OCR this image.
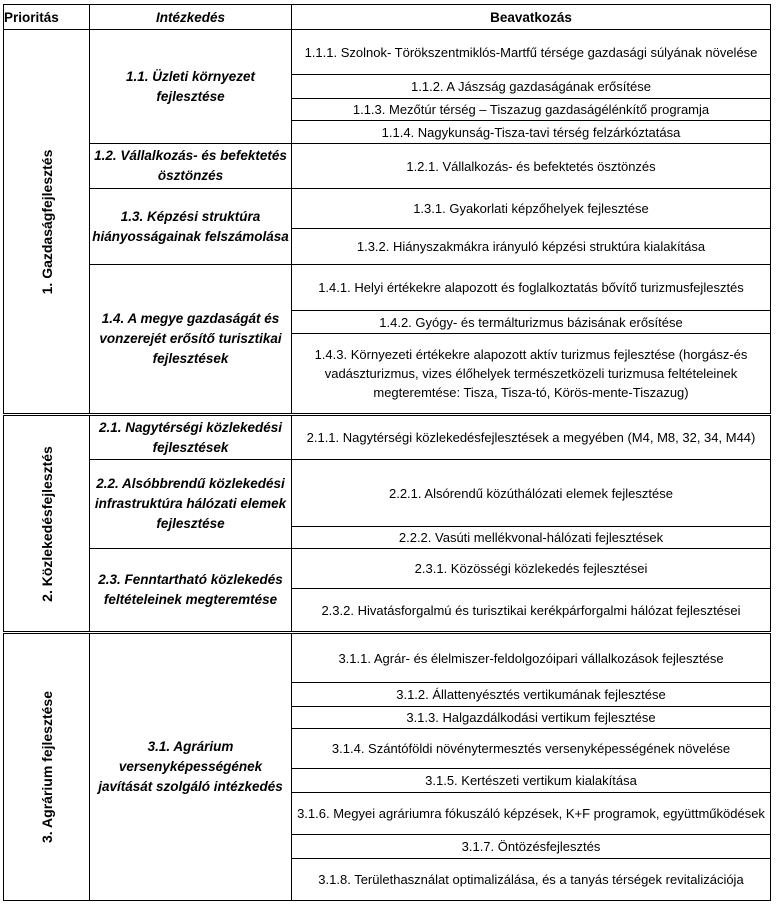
Prioritás	Intézkedés	Beavatkozás

1. Gazdaságfejlesztés	1.1. Üzleti környezet fejlesztése	1.1.1. Szolnok- Törökszentmiklós-Martfű térsége gazdasági súlyának növelése
		1.1.2. A Jászság gazdaságának erősítése
		1.1.3. Mezőtúr térség – Tiszazug gazdaságélénkítő programja
		1.1.4. Nagykunság-Tisza-tavi térség felzárkóztatása
	1.2. Vállalkozás- és befektetés ösztönzés	1.2.1. Vállalkozás- és befektetés ösztönzés
	1.3. Képzési struktúra hiányosságainak felszámolása	1.3.1. Gyakorlati képzőhelyek fejlesztése
		1.3.2. Hiányszakmákra irányuló képzési struktúra kialakítása
	1.4. A megye gazdaságát és vonzerejét erősítő turisztikai fejlesztések	1.4.1. Helyi értékekre alapozott és foglalkoztatás bővítő turizmusfejlesztés
		1.4.2. Gyógy- és termálturizmus bázisának erősítése
		1.4.3. Környezeti értékekre alapozott aktív turizmus fejlesztése (horgász-és vadászturizmus, vizes élőhelyek természetközeli turizmusa feltételeinek megteremtése: Tisza, Tisza-tó, Körös-mente-Tiszazug)

2. Közlekedésfejlesztés	2.1. Nagytérségi közlekedési fejlesztések	2.1.1. Nagytérségi közlekedésfejlesztések a megyében (M4, M8, 32, 34, M44)
	2.2. Alsóbbrendű közlekedési infrastruktúra hálózati elemek fejlesztése	2.2.1. Alsórendű közúthálózati elemek fejlesztése
		2.2.2. Vasúti mellékvonal-hálózati fejlesztések
	2.3. Fenntartható közlekedés feltételeinek megteremtése	2.3.1. Közösségi közlekedés fejlesztései
		2.3.2. Hivatásforgalmú és turisztikai kerékpárforgalmi hálózat fejlesztései

3. Agrárium fejlesztése	3.1. Agrárium versenyképességének javítását szolgáló intézkedés	3.1.1. Agrár- és élelmiszer-feldolgozóipari vállalkozások fejlesztése
		3.1.2. Állattenyésztés vertikumának fejlesztése
		3.1.3. Halgazdálkodási vertikum fejlesztése
		3.1.4. Szántóföldi növénytermesztés versenyképességének növelése
		3.1.5. Kertészeti vertikum kialakítása
		3.1.6. Megyei agráriumra fókuszáló képzések, K+F programok, együttműködések
		3.1.7. Öntözésfejlesztés
		3.1.8. Területhasználat optimalizálása, és a tanyás térségek revitalizációja
